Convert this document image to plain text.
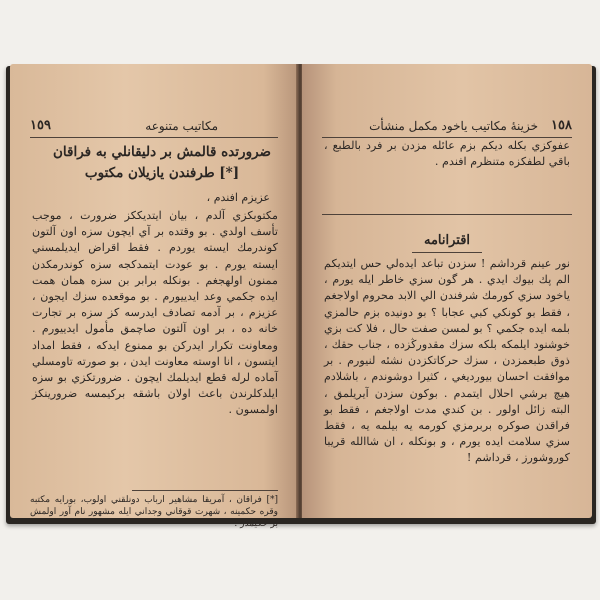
١٥٩	مكاتيب متنوعه
ضرورتده قالمش بر دليقانلي به فراقان [*] طرفندن يازيلان مكتوب
عزيزم افندم ،
مكتوبكزي آلدم ، بيان ايتديككز ضرورت ، موجب تأسف اولدي . بو وقتده بر آي ايچون سزه اون آلتون كوندرمك ايسته يوردم . فقط اقراض ايديلمسني ايسته يورم . بو عودت ايتمدكجه سزه كوندرمكدن ممنون اولهجغم . بونكله برابر بن سزه همان همت ايده جكمي وعد ايدييورم . بو موقعده سزك ايجون ، عزيزم ، بر آدمه تصادف ايدرسه كز سزه بر تجارت خانه ده ، بر اون آلتون صاچمق مأمول ايدييورم . ومعاونت تكرار ايدركن بو ممنوع ايدكه ، فقط امداد ايتسون ، انا اوسته معاونت ايدن ، بو صورته تاومسلي آماده لرله قطع ايديلمك ايچون . ضرورتكزي بو سزه ايلدكلرندن باعث اولان باشقه بركيمسه ضرورينكز اولمسون .
[*] فراقان ، آمريقا مشاهير ارباب دونلقني اولوب، بورايه مكتبه وقره حكمينه ، شهرت قوقاني وجداني ايله مشهور نام آور اولمش بر حكيمدر .
١٥٨
خزينهٔ مكاتيب ياخود مكمل منشأت
عفوكزي بكله ديكم بزم عائله مزدن بر فرد بالطبع ، باقي لطفكزه متنظرم افندم .
اقترانامه
نور عينم قرداشم ! سزدن تباعد ايدەلي حس ايتديكم الم پك بيوك ايدي . هر گون سزي خاطر ايله يورم ، ياخود سزي كورمك شرفندن الي الابد محروم اولاجغم ، فقط بو كونكي كبي عجابا ؟ بو دونيده بزم حالمزي بلمه ايده جكمي ؟ بو لمسن صفت حال ، فلا كت بزي خوشنود ايلمكه بلكه سزك مقدورڭزده ، جناب حقك ، ذوق طبعمزدن ، سزك حركاتكزدن نشئه لنيورم . بر موافقت احسان بيورديغي ، كثيرا دوشوندم ، باشلادم هيچ برشي احلال ايتمدم . بوكون سزدن آيريلمق ، البته زائل اولور . بن كندي مدت اولاجغم ، فقط بو فراقدن صوكره بربرمزي كورمه يه بيلمه يه ، فقط سزي سلامت ايده يورم ، و بونكله ، ان شاالله قريبا كوروشورز ، قرداشم !
